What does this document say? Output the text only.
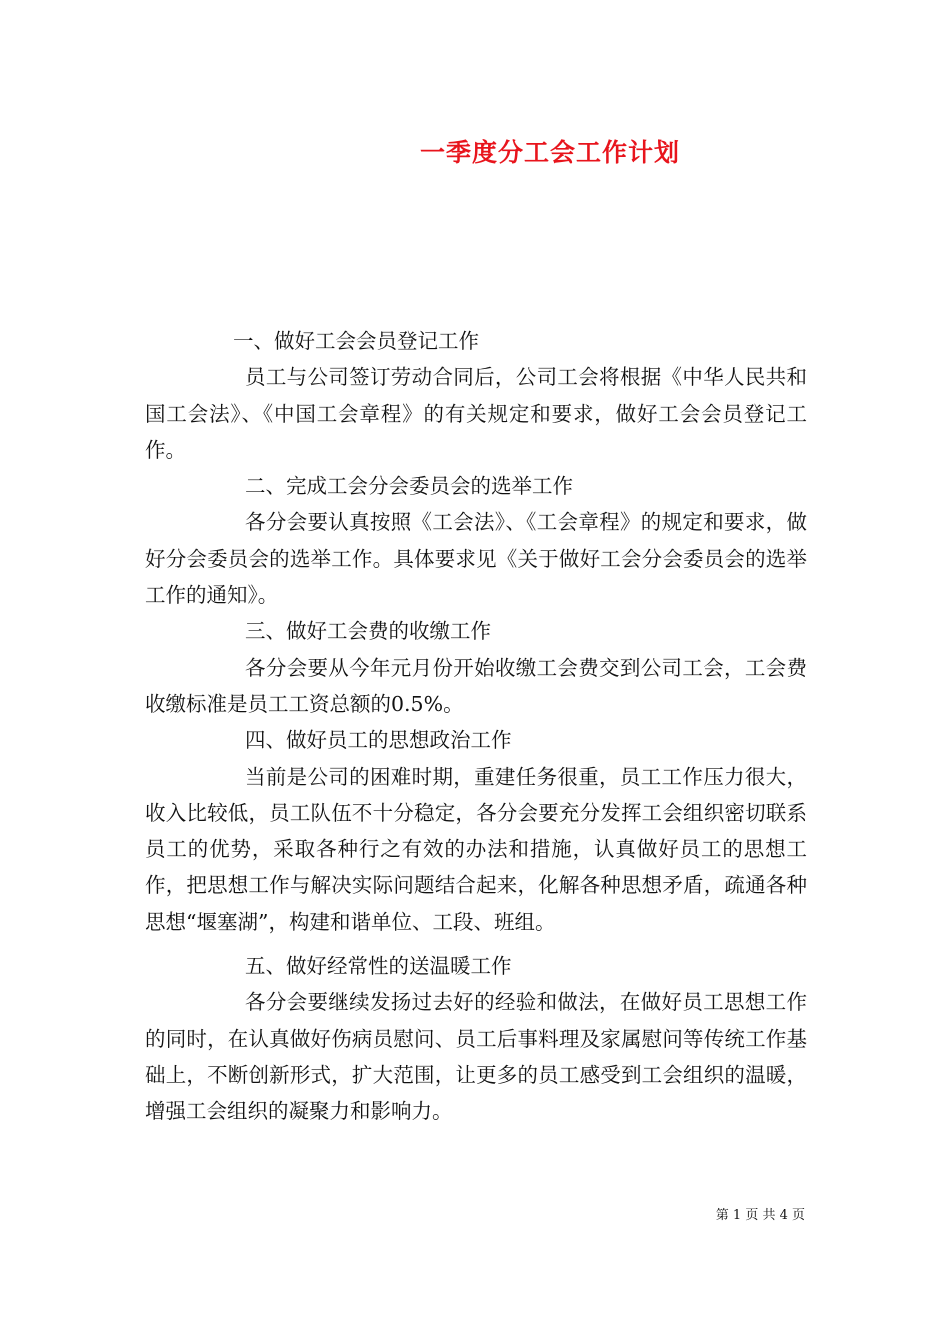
一季度分工会工作计划

一、做好工会会员登记工作

员工与公司签订劳动合同后，公司工会将根据《中华人民共和国工会法》、《中国工会章程》的有关规定和要求，做好工会会员登记工作。

二、完成工会分会委员会的选举工作

各分会要认真按照《工会法》、《工会章程》的规定和要求，做好分会委员会的选举工作。具体要求见《关于做好工会分会委员会的选举工作的通知》。

三、做好工会费的收缴工作

各分会要从今年元月份开始收缴工会费交到公司工会，工会费收缴标准是员工工资总额的0.5%。

四、做好员工的思想政治工作

当前是公司的困难时期，重建任务很重，员工工作压力很大，收入比较低，员工队伍不十分稳定，各分会要充分发挥工会组织密切联系员工的优势，采取各种行之有效的办法和措施，认真做好员工的思想工作，把思想工作与解决实际问题结合起来，化解各种思想矛盾，疏通各种思想“堰塞湖”，构建和谐单位、工段、班组。

五、做好经常性的送温暖工作

各分会要继续发扬过去好的经验和做法，在做好员工思想工作的同时，在认真做好伤病员慰问、员工后事料理及家属慰问等传统工作基础上，不断创新形式，扩大范围，让更多的员工感受到工会组织的温暖，增强工会组织的凝聚力和影响力。

第 1 页 共 4 页
